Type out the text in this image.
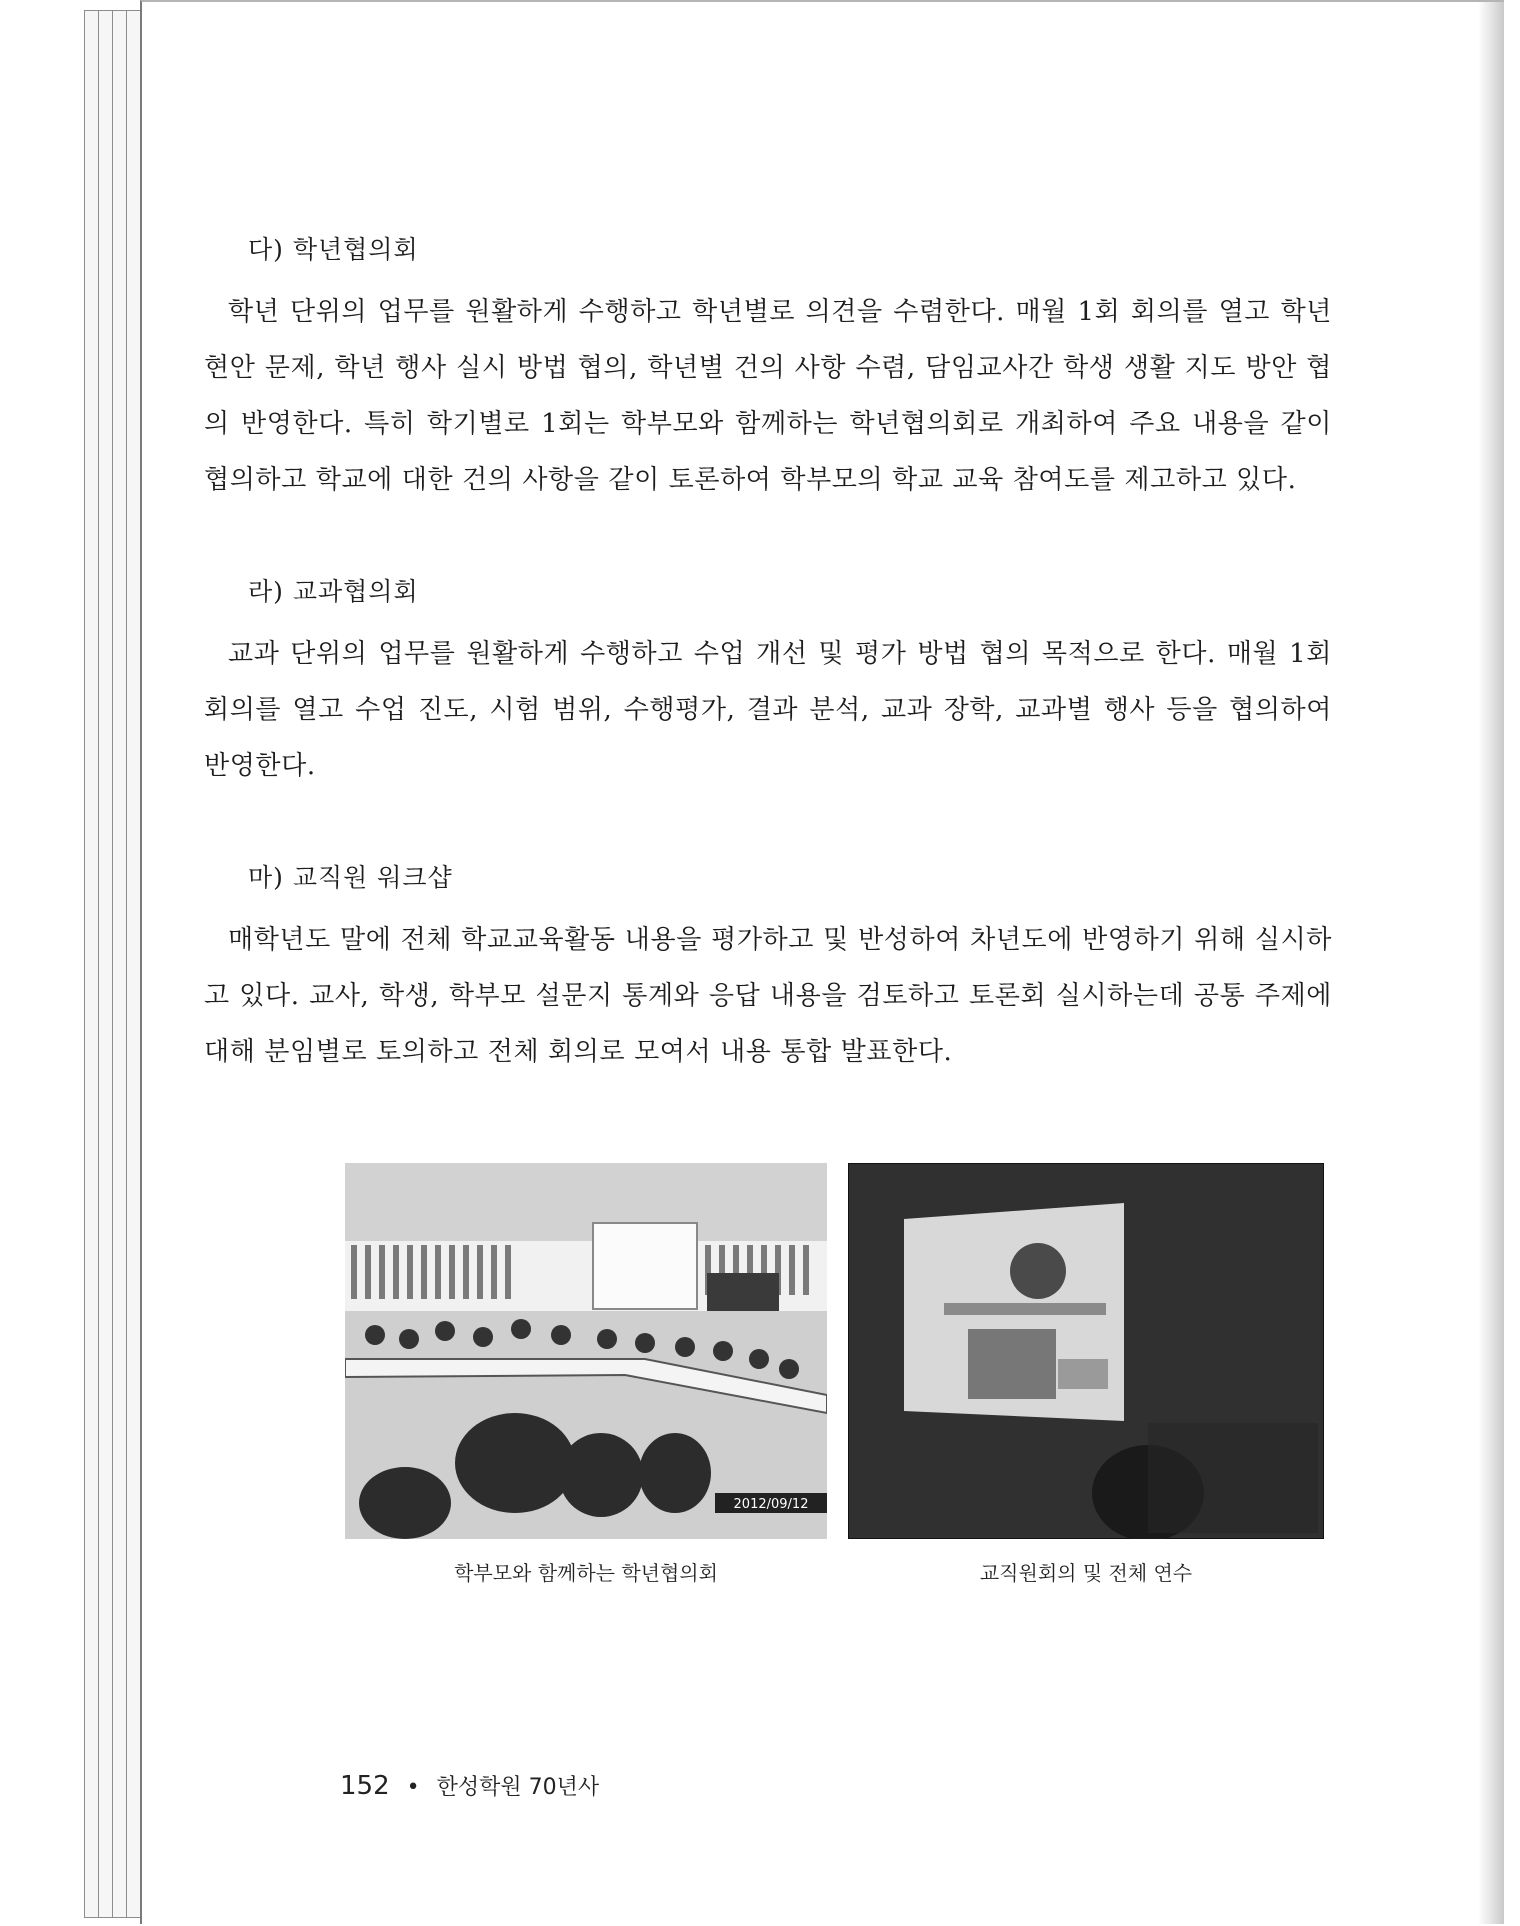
다) 학년협의회

학년 단위의 업무를 원활하게 수행하고 학년별로 의견을 수렴한다. 매월 1회 회의를 열고 학년 현안 문제, 학년 행사 실시 방법 협의, 학년별 건의 사항 수렴, 담임교사간 학생 생활 지도 방안 협의 반영한다. 특히 학기별로 1회는 학부모와 함께하는 학년협의회로 개최하여 주요 내용을 같이 협의하고 학교에 대한 건의 사항을 같이 토론하여 학부모의 학교 교육 참여도를 제고하고 있다.

라) 교과협의회

교과 단위의 업무를 원활하게 수행하고 수업 개선 및 평가 방법 협의 목적으로 한다. 매월 1회 회의를 열고 수업 진도, 시험 범위, 수행평가, 결과 분석, 교과 장학, 교과별 행사 등을 협의하여 반영한다.

마) 교직원 워크샵

매학년도 말에 전체 학교교육활동 내용을 평가하고 및 반성하여 차년도에 반영하기 위해 실시하고 있다. 교사, 학생, 학부모 설문지 통계와 응답 내용을 검토하고 토론회 실시하는데 공통 주제에 대해 분임별로 토의하고 전체 회의로 모여서 내용 통합 발표한다.

2012/09/12
학부모와 함께하는 학년협의회	교직원회의 및 전체 연수
152 • 한성학원 70년사
